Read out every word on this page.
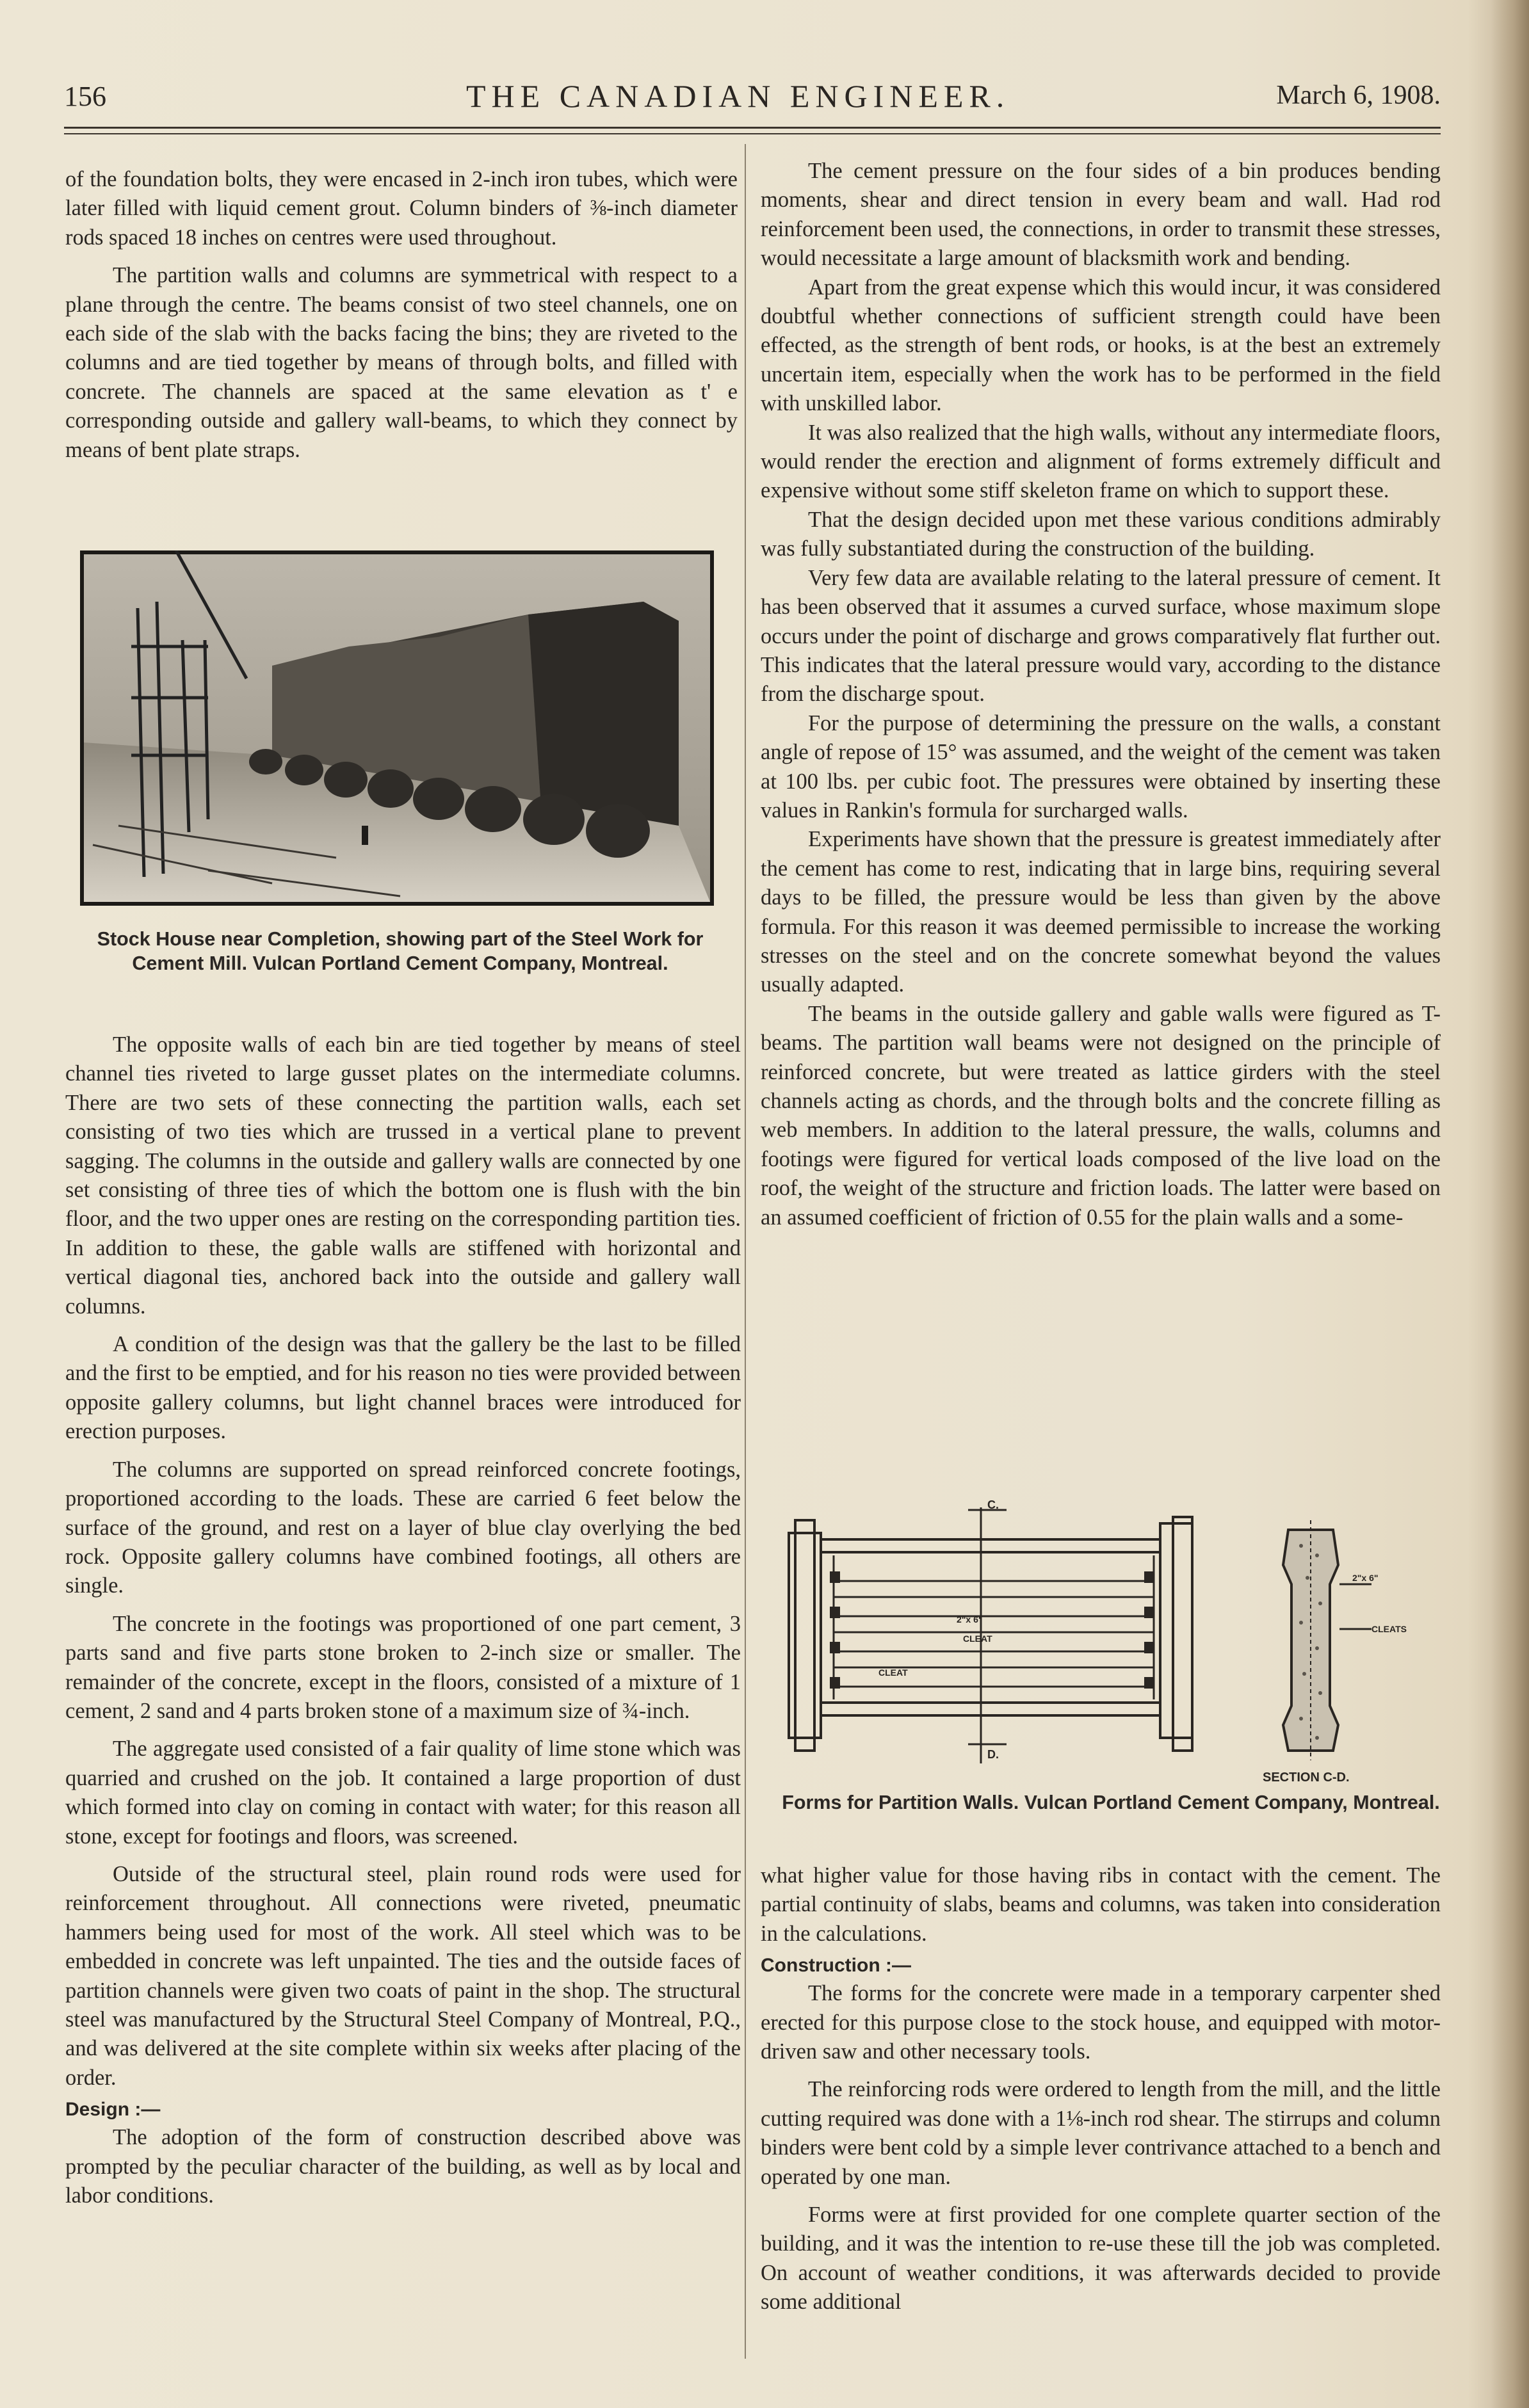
156	THE CANADIAN ENGINEER.	March 6, 1908.

of the foundation bolts, they were encased in 2-inch iron tubes, which were later filled with liquid cement grout. Column binders of ⅜-inch diameter rods spaced 18 inches on centres were used throughout.

The partition walls and columns are symmetrical with respect to a plane through the centre. The beams consist of two steel channels, one on each side of the slab with the backs facing the bins; they are riveted to the columns and are tied together by means of through bolts, and filled with concrete. The channels are spaced at the same elevation as t' e corresponding outside and gallery wall-beams, to which they connect by means of bent plate straps.

Stock House near Completion, showing part of the Steel Work for Cement Mill. Vulcan Portland Cement Company, Montreal.

The opposite walls of each bin are tied together by means of steel channel ties riveted to large gusset plates on the intermediate columns. There are two sets of these connecting the partition walls, each set consisting of two ties which are trussed in a vertical plane to prevent sagging. The columns in the outside and gallery walls are connected by one set consisting of three ties of which the bottom one is flush with the bin floor, and the two upper ones are resting on the corresponding partition ties. In addition to these, the gable walls are stiffened with horizontal and vertical diagonal ties, anchored back into the outside and gallery wall columns.

A condition of the design was that the gallery be the last to be filled and the first to be emptied, and for his reason no ties were provided between opposite gallery columns, but light channel braces were introduced for erection purposes.

The columns are supported on spread reinforced concrete footings, proportioned according to the loads. These are carried 6 feet below the surface of the ground, and rest on a layer of blue clay overlying the bed rock. Opposite gallery columns have combined footings, all others are single.

The concrete in the footings was proportioned of one part cement, 3 parts sand and five parts stone broken to 2-inch size or smaller. The remainder of the concrete, except in the floors, consisted of a mixture of 1 cement, 2 sand and 4 parts broken stone of a maximum size of ¾-inch.

The aggregate used consisted of a fair quality of lime stone which was quarried and crushed on the job. It contained a large proportion of dust which formed into clay on coming in contact with water; for this reason all stone, except for footings and floors, was screened.

Outside of the structural steel, plain round rods were used for reinforcement throughout. All connections were riveted, pneumatic hammers being used for most of the work. All steel which was to be embedded in concrete was left unpainted. The ties and the outside faces of partition channels were given two coats of paint in the shop. The structural steel was manufactured by the Structural Steel Company of Montreal, P.Q., and was delivered at the site complete within six weeks after placing of the order.

Design :—

The adoption of the form of construction described above was prompted by the peculiar character of the building, as well as by local and labor conditions.

The cement pressure on the four sides of a bin produces bending moments, shear and direct tension in every beam and wall. Had rod reinforcement been used, the connections, in order to transmit these stresses, would necessitate a large amount of blacksmith work and bending.

Apart from the great expense which this would incur, it was considered doubtful whether connections of sufficient strength could have been effected, as the strength of bent rods, or hooks, is at the best an extremely uncertain item, especially when the work has to be performed in the field with unskilled labor.

It was also realized that the high walls, without any intermediate floors, would render the erection and alignment of forms extremely difficult and expensive without some stiff skeleton frame on which to support these.

That the design decided upon met these various conditions admirably was fully substantiated during the construction of the building.

Very few data are available relating to the lateral pressure of cement. It has been observed that it assumes a curved surface, whose maximum slope occurs under the point of discharge and grows comparatively flat further out. This indicates that the lateral pressure would vary, according to the distance from the discharge spout.

For the purpose of determining the pressure on the walls, a constant angle of repose of 15° was assumed, and the weight of the cement was taken at 100 lbs. per cubic foot. The pressures were obtained by inserting these values in Rankin's formula for surcharged walls.

Experiments have shown that the pressure is greatest immediately after the cement has come to rest, indicating that in large bins, requiring several days to be filled, the pressure would be less than given by the above formula. For this reason it was deemed permissible to increase the working stresses on the steel and on the concrete somewhat beyond the values usually adapted.

The beams in the outside gallery and gable walls were figured as T-beams. The partition wall beams were not designed on the principle of reinforced concrete, but were treated as lattice girders with the steel channels acting as chords, and the through bolts and the concrete filling as web members. In addition to the lateral pressure, the walls, columns and footings were figured for vertical loads composed of the live load on the roof, the weight of the structure and friction loads. The latter were based on an assumed coefficient of friction of 0.55 for the plain walls and a some-

C.
D.
2"x 6"
CLEAT
CLEAT
2"x 6"
CLEATS
SECTION C-D.
Forms for Partition Walls. Vulcan Portland Cement Company, Montreal.

what higher value for those having ribs in contact with the cement. The partial continuity of slabs, beams and columns, was taken into consideration in the calculations.

Construction :—

The forms for the concrete were made in a temporary carpenter shed erected for this purpose close to the stock house, and equipped with motor-driven saw and other necessary tools.

The reinforcing rods were ordered to length from the mill, and the little cutting required was done with a 1⅛-inch rod shear. The stirrups and column binders were bent cold by a simple lever contrivance attached to a bench and operated by one man.

Forms were at first provided for one complete quarter section of the building, and it was the intention to re-use these till the job was completed. On account of weather conditions, it was afterwards decided to provide some additional
